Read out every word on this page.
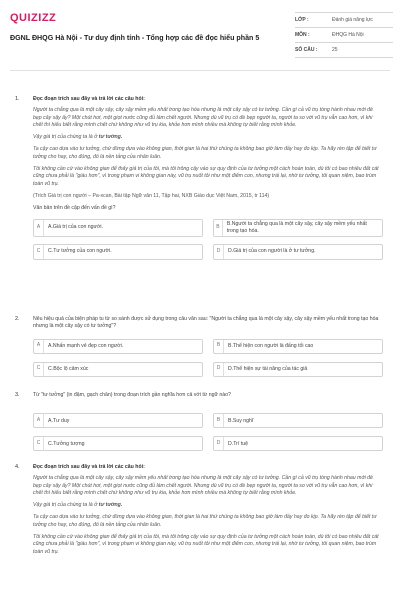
QUIZIZZ
ĐGNL ĐHQG Hà Nội - Tư duy định tính - Tổng hợp các đề đọc hiểu phần 5
LỚP :	Đánh giá năng lực
MÔN :	ĐHQG Hà Nội
SỐ CÂU :	25
1.	Đọc đoạn trích sau đây và trả lời các câu hỏi:
Người ta chẳng qua là một cây sậy, cây sậy mềm yếu nhất trong tạo hóa nhưng là một cây sậy có tư tưởng. Cần gì cả vũ trụ tòng hành nhau mới đè bẹp cây sậy ấy? Một chút hơi, một giọt nước cũng đủ làm chết người. Nhưng dù vũ trụ có đè bẹp người ta, người ta so với vũ trụ vẫn cao hơn, vì khi chết thì hiểu biết rằng mình chết chứ không như vũ trụ kia, khỏe hơn mình nhiều mà không tự biết rằng mình khỏe.
Vậy giá trị của chúng ta là ở tư tưởng.
Ta cậy cao dựa vào tư tưởng, chứ đừng dựa vào không gian, thời gian là hai thứ chúng ta không bao giờ làm đầy hay đo kịp. Ta hãy rèn tập để biết tư tưởng cho hay, cho đúng, đó là nền tảng của nhân luân.
Tôi không cần cứ vào không gian để thấy giá trị của tôi, mà tôi trông cậy vào sự quy định của tư tưởng một cách hoàn toàn, dù tôi có bao nhiêu đất cát cũng chưa phải là "giàu hơn", vì trong phạm vi không gian này, vũ trụ nuốt tôi như một điểm con, nhưng trái lại, nhờ tư tưởng, tôi quan niệm, bao trùm toàn vũ trụ.
(Trích Giá trị con người – Pa-xcan, Bài tập Ngữ văn 11, Tập hai, NXB Giáo dục Việt Nam, 2015, tr 114)
Văn bản trên đề cập đến vấn đề gì?
A	A.Giá trị của con người.	B	B.Người ta chẳng qua là một cây sậy, cây sậy mềm yếu nhất trong tạo hóa.
C	C.Tư tưởng của con người.	D	D.Giá trị của con người là ở tư tưởng.
2.	Nêu hiệu quả của biện pháp tu từ so sánh được sử dụng trong câu văn sau: "Người ta chẳng qua là một cây sậy, cây sậy mềm yếu nhất trong tạo hóa nhưng là một cây sậy có tư tưởng"?
A	A.Nhấn mạnh vẻ đẹp con người.	B	B.Thể hiện con người là đấng tối cao
C	C.Bộc lộ cảm xúc	D	D.Thể hiện sự tài năng của tác giả
3.	Từ "tư tưởng" (in đậm, gạch chân) trong đoạn trích gần nghĩa hơn cả với từ ngữ nào?
A	A.Tư duy	B	B.Suy nghĩ
C	C.Tưởng tượng	D	D.Trí tuệ
4.	Đọc đoạn trích sau đây và trả lời các câu hỏi:
Người ta chẳng qua là một cây sậy, cây sậy mềm yếu nhất trong tạo hóa nhưng là một cây sậy có tư tưởng. Cần gì cả vũ trụ tòng hành nhau mới đè bẹp cây sậy ấy? Một chút hơi, một giọt nước cũng đủ làm chết người. Nhưng dù vũ trụ có đè bẹp người ta, người ta so với vũ trụ vẫn cao hơn, vì khi chết thì hiểu biết rằng mình chết chứ không như vũ trụ kia, khỏe hơn mình nhiều mà không tự biết rằng mình khỏe.
Vậy giá trị của chúng ta là ở tư tưởng.
Ta cậy cao dựa vào tư tưởng, chứ đừng dựa vào không gian, thời gian là hai thứ chúng ta không bao giờ làm đầy hay đo kịp. Ta hãy rèn tập để biết tư tưởng cho hay, cho đúng, đó là nền tảng của nhân luân.
Tôi không cần cứ vào không gian để thấy giá trị của tôi, mà tôi trông cậy vào sự quy định của tư tưởng một cách hoàn toàn, dù tôi có bao nhiêu đất cát cũng chưa phải là "giàu hơn", vì trong phạm vi không gian này, vũ trụ nuốt tôi như một điểm con, nhưng trái lại, nhờ tư tưởng, tôi quan niệm, bao trùm toàn vũ trụ.
